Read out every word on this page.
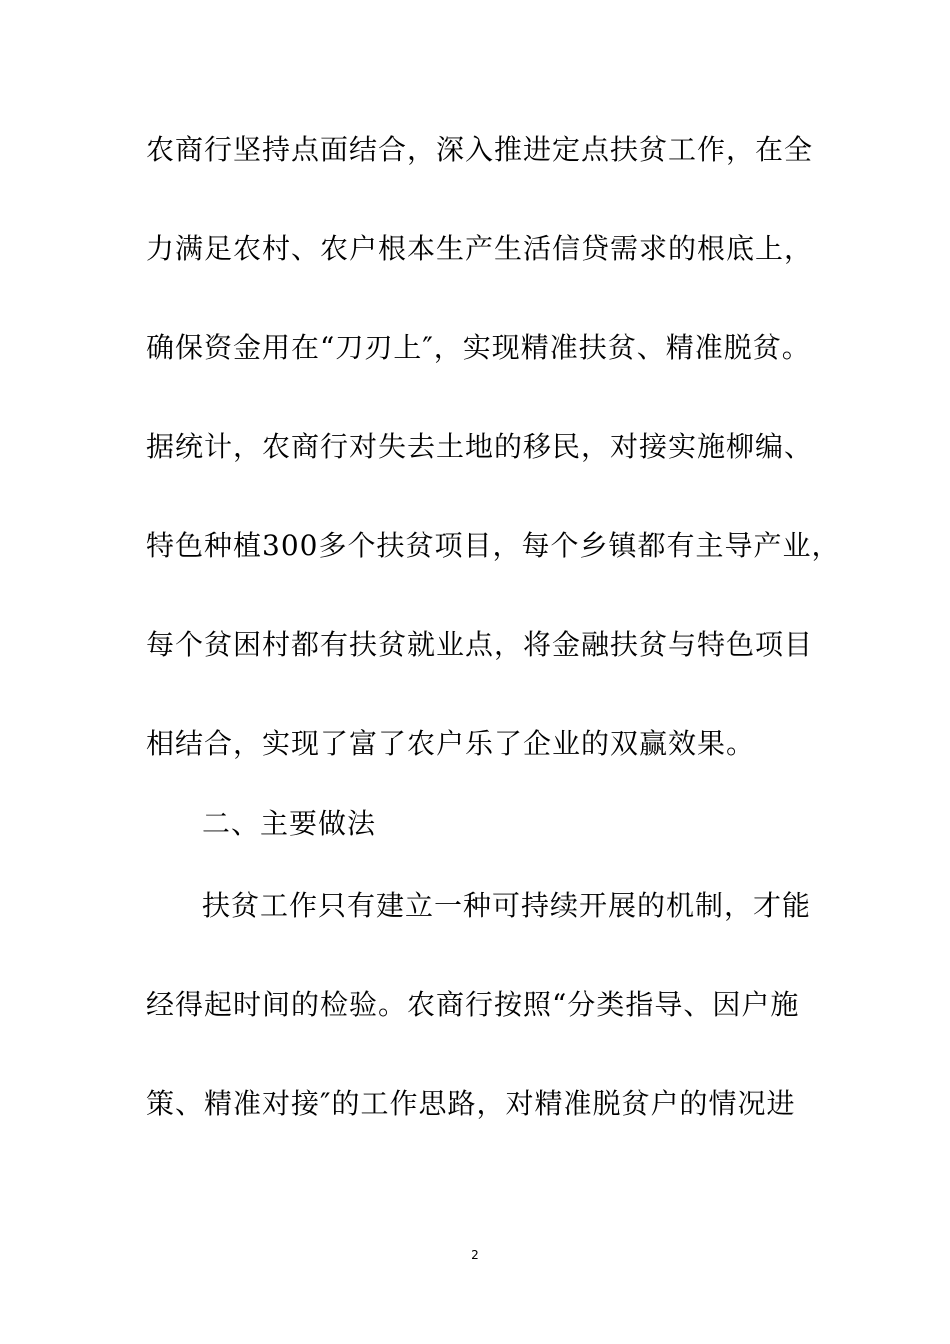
农商行坚持点面结合，深入推进定点扶贫工作，在全
力满足农村、农户根本生产生活信贷需求的根底上，
确保资金用在“刀刃上″，实现精准扶贫、精准脱贫。
据统计，农商行对失去土地的移民，对接实施柳编、
特色种植300多个扶贫项目，每个乡镇都有主导产业，
每个贫困村都有扶贫就业点，将金融扶贫与特色项目
相结合，实现了富了农户乐了企业的双赢效果。
二、主要做法
扶贫工作只有建立一种可持续开展的机制，才能
经得起时间的检验。农商行按照“分类指导、因户施
策、精准对接″的工作思路，对精准脱贫户的情况进
2
